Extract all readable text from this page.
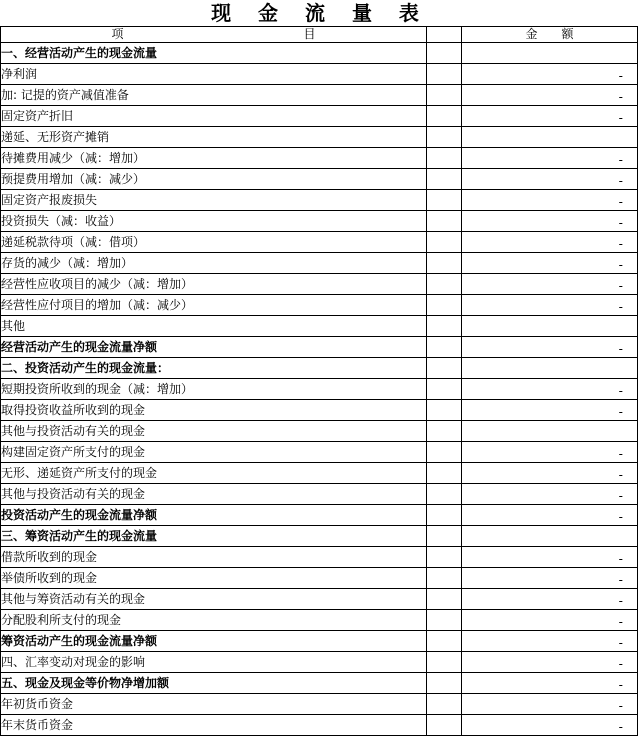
现 金 流 量 表
项　　　　　　　　　　　　　　　目		金　　额
一、经营活动产生的现金流量		
净利润		-
加: 记提的资产减值准备		-
固定资产折旧		-
递延、无形资产摊销		
待摊费用减少（减：增加）		-
预提费用增加（减：减少）		-
固定资产报废损失		-
投资损失（减：收益）		-
递延税款待项（减：借项）		-
存货的减少（减：增加）		-
经营性应收项目的减少（减：增加）		-
经营性应付项目的增加（减：减少）		-
其他		
经营活动产生的现金流量净额		-
二、投资活动产生的现金流量：		
短期投资所收到的现金（减：增加）		-
取得投资收益所收到的现金		-
其他与投资活动有关的现金		
构建固定资产所支付的现金		-
无形、递延资产所支付的现金		-
其他与投资活动有关的现金		-
投资活动产生的现金流量净额		-
三、筹资活动产生的现金流量		
借款所收到的现金		-
举债所收到的现金		-
其他与筹资活动有关的现金		-
分配股利所支付的现金		-
筹资活动产生的现金流量净额		-
四、汇率变动对现金的影响		-
五、现金及现金等价物净增加额		-
年初货币资金		-
年末货币资金		-
